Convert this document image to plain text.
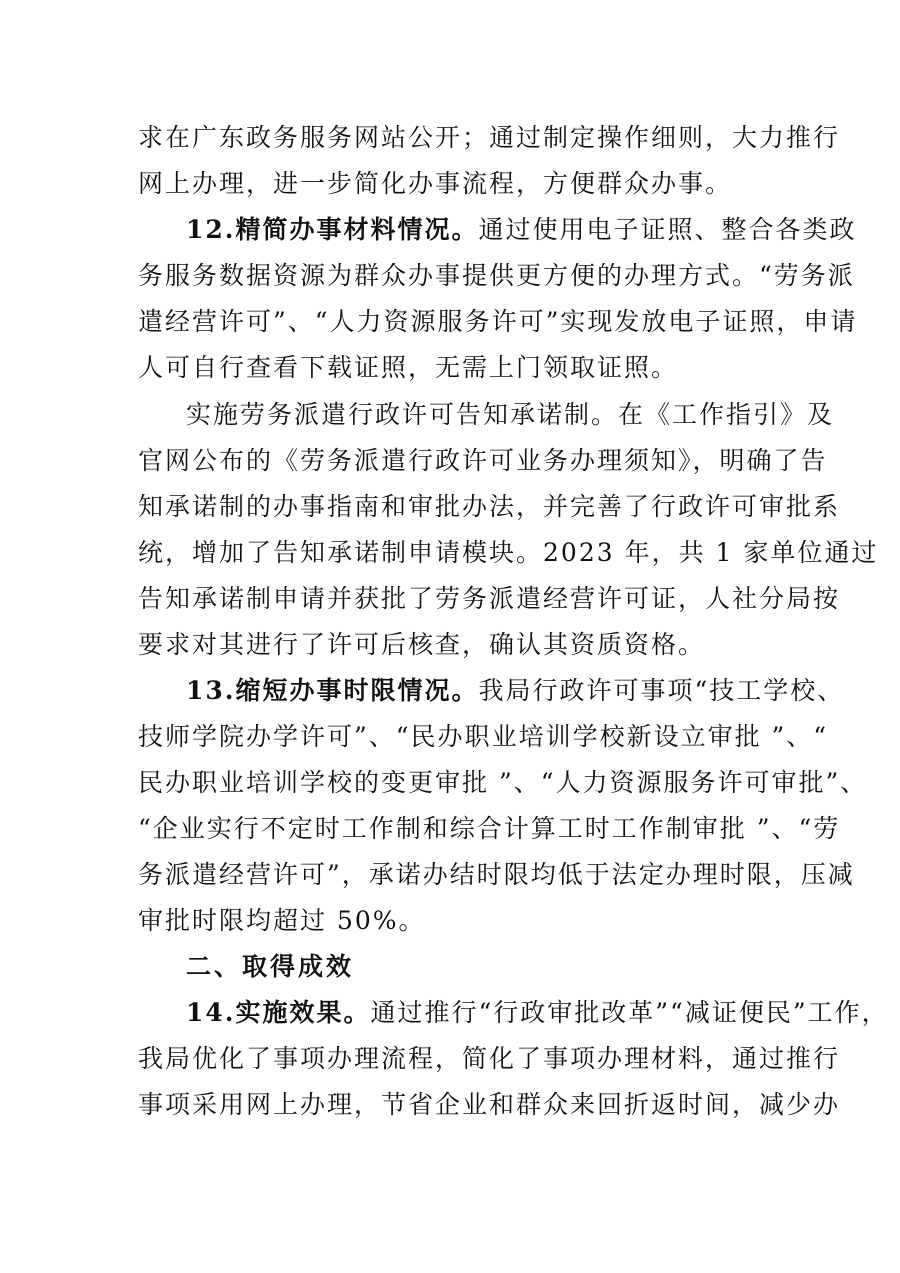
求在广东政务服务网站公开；通过制定操作细则，大力推行
网上办理，进一步简化办事流程，方便群众办事。
12.精简办事材料情况。通过使用电子证照、整合各类政
务服务数据资源为群众办事提供更方便的办理方式。“劳务派
遣经营许可”、“人力资源服务许可”实现发放电子证照，申请
人可自行查看下载证照，无需上门领取证照。
实施劳务派遣行政许可告知承诺制。在《工作指引》及
官网公布的《劳务派遣行政许可业务办理须知》，明确了告
知承诺制的办事指南和审批办法，并完善了行政许可审批系
统，增加了告知承诺制申请模块。2023 年，共 1 家单位通过
告知承诺制申请并获批了劳务派遣经营许可证，人社分局按
要求对其进行了许可后核查，确认其资质资格。
13.缩短办事时限情况。我局行政许可事项“技工学校、
技师学院办学许可”、“民办职业培训学校新设立审批 ”、“
民办职业培训学校的变更审批 ”、“人力资源服务许可审批”、
“企业实行不定时工作制和综合计算工时工作制审批 ”、“劳
务派遣经营许可”，承诺办结时限均低于法定办理时限，压减
审批时限均超过 50%。
二、取得成效
14.实施效果。通过推行“行政审批改革”“减证便民”工作，
我局优化了事项办理流程，简化了事项办理材料，通过推行
事项采用网上办理，节省企业和群众来回折返时间，减少办
